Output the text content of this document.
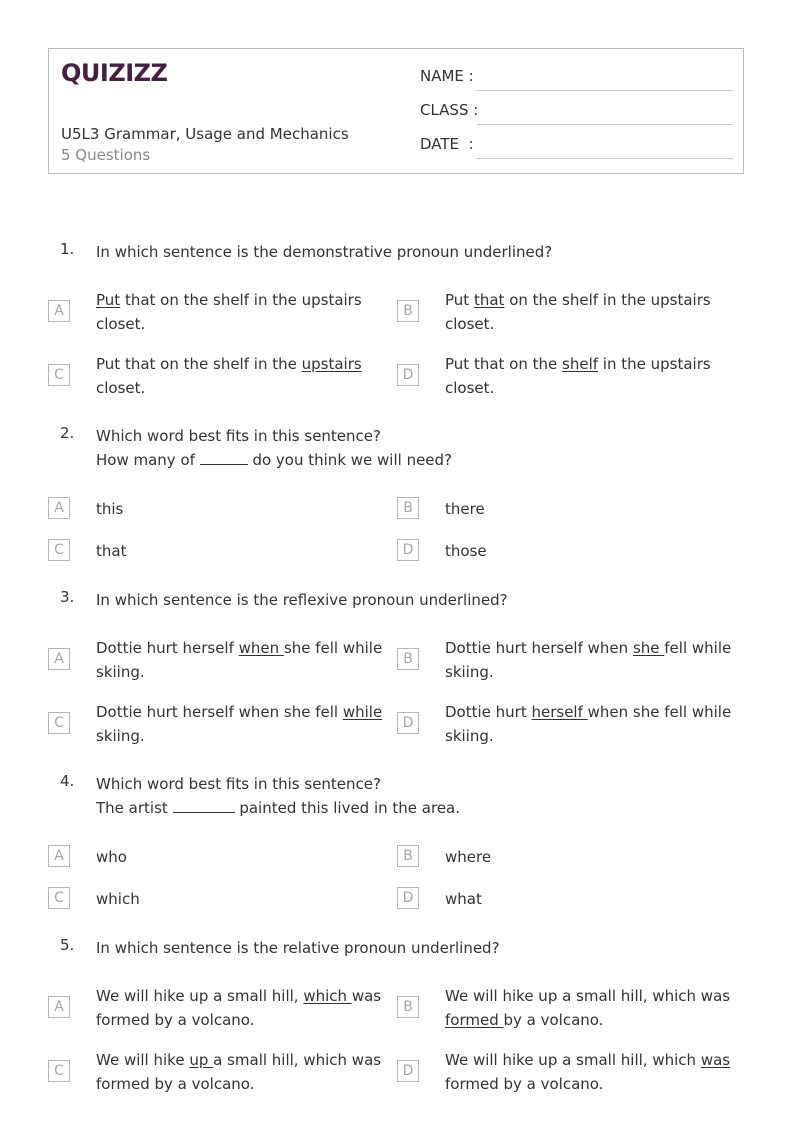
QUIZIZZ
U5L3 Grammar, Usage and Mechanics
5 Questions
NAME :
CLASS :
DATE  :
1. In which sentence is the demonstrative pronoun underlined?
A
Put that on the shelf in the upstairs
closet.
B
Put that on the shelf in the upstairs
closet.
C
Put that on the shelf in the upstairs
closet.
D
Put that on the shelf in the upstairs
closet.
2. Which word best fits in this sentence?
How many of	do you think we will need?
A	this	B	there
C	that	D	those
3. In which sentence is the reflexive pronoun underlined?
A
Dottie hurt herself when she fell while
skiing.
B
Dottie hurt herself when she fell while
skiing.
C
Dottie hurt herself when she fell while
skiing.
D
Dottie hurt herself when she fell while
skiing.
4. Which word best fits in this sentence?
The artist	painted this lived in the area.
A	who	B	where
C	which	D	what
5. In which sentence is the relative pronoun underlined?
A
We will hike up a small hill, which was
formed by a volcano.
B
We will hike up a small hill, which was
formed by a volcano.
C
We will hike up a small hill, which was
formed by a volcano.
D
We will hike up a small hill, which was
formed by a volcano.
